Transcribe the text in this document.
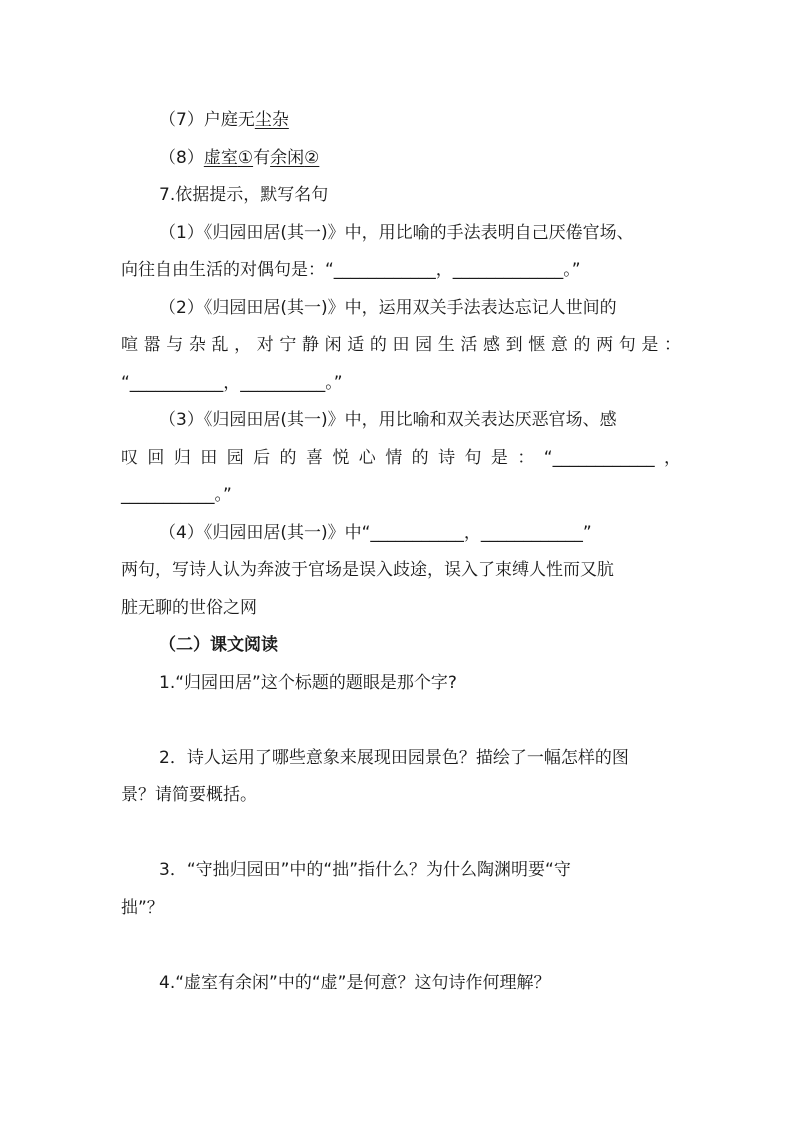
（7）户庭无尘杂
（8）虚室①有余闲②
7.依据提示，默写名句
（1）《归园田居(其一)》中，用比喻的手法表明自己厌倦官场、
向往自由生活的对偶句是：“____________，_____________。”
（2）《归园田居(其一)》中，运用双关手法表达忘记人世间的
喧嚣与杂乱，对宁静闲适的田园生活感到惬意的两句是：
“___________，__________。”
（3）《归园田居(其一)》中，用比喻和双关表达厌恶官场、感
叹回归田园后的喜悦心情的诗句是：“____________，
___________。”
（4）《归园田居(其一)》中“___________，____________”
两句，写诗人认为奔波于官场是误入歧途，误入了束缚人性而又肮
脏无聊的世俗之网
（二）课文阅读
1.“归园田居”这个标题的题眼是那个字?
2．诗人运用了哪些意象来展现田园景色？描绘了一幅怎样的图
景？请简要概括。
3．“守拙归园田”中的“拙”指什么？为什么陶渊明要“守
拙”？
4.“虚室有余闲”中的“虚”是何意？这句诗作何理解？
